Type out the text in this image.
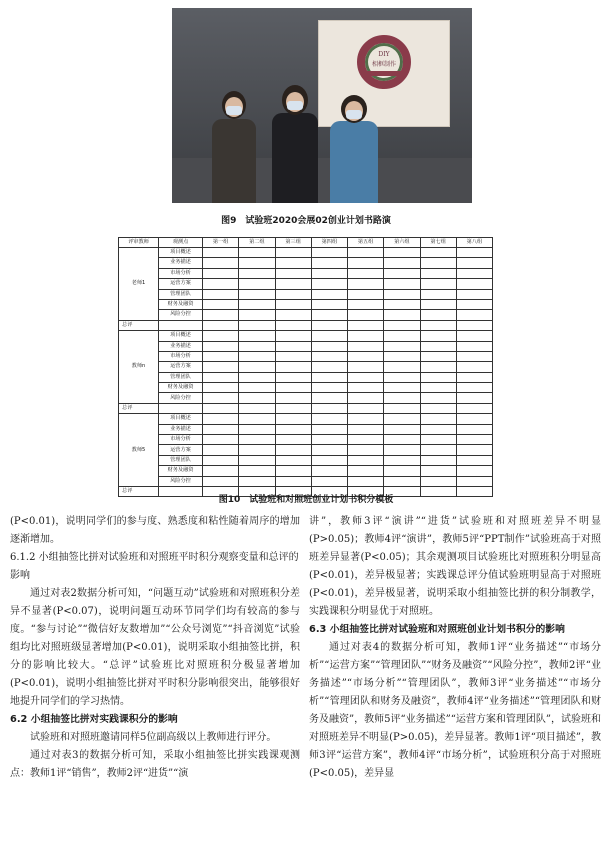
DIY
相框制作
图9　试验班2020会展02创业计划书路演
评审教师	观测点	第一组	第二组	第三组	第四组	第五组	第六组	第七组	第八组
老师1	项目概述								
	业务描述								
	市场分析								
	运营方案								
	管理团队								
	财务及融资								
	风险分控								
总评									
教师n	项目概述								
	业务描述								
	市场分析								
	运营方案								
	管理团队								
	财务及融资								
	风险分控								
总评									
教师5	项目概述								
	业务描述								
	市场分析								
	运营方案								
	管理团队								
	财务及融资								
	风险分控								
总评									
图10　试验班和对照班创业计划书积分模板

(P<0.01)，说明同学们的参与度、熟悉度和粘性随着周序的增加逐渐增加。

6.1.2 小组抽签比拼对试验班和对照班平时积分观察变量和总评的影响

通过对表2数据分析可知，“问题互动”试验班和对照班积分差异不显著(P<0.07)，说明问题互动环节同学们均有较高的参与度。“参与讨论”“微信好友数增加”“公众号浏览”“抖音浏览”试验组均比对照班级显著增加(P<0.01)，说明采取小组抽签比拼，积分的影响比较大。“总评”试验班比对照班积分极显著增加(P<0.01)，说明小组抽签比拼对平时积分影响很突出，能够很好地提升同学们的学习热情。

6.2 小组抽签比拼对实践课积分的影响

试验班和对照班邀请同样5位副高级以上教师进行评分。

通过对表3的数据分析可知，采取小组抽签比拼实践课观测点：教师1评“销售”，教师2评“进货”“演

讲”，教师3评“演讲”“进货”试验班和对照班差异不明显(P>0.05)；教师4评“演讲”，教师5评“PPT制作”试验班高于对照班差异显著(P<0.05)；其余观测项目试验班比对照班积分明显高(P<0.01)，差异极显著；实践课总评分值试验班明显高于对照班(P<0.01)，差异极显著，说明采取小组抽签比拼的积分制教学，实践课积分明显优于对照班。

6.3 小组抽签比拼对试验班和对照班创业计划书积分的影响

通过对表4的数据分析可知，教师1评“业务描述”“市场分析”“运营方案”“管理团队”“财务及融资”“风险分控”，教师2评“业务描述”“市场分析”“管理团队”，教师3评“业务描述”“市场分析”“管理团队和财务及融资”，教师4评“业务描述”“管理团队和财务及融资”，教师5评“业务描述”“运营方案和管理团队”，试验班和对照班差异不明显(P>0.05)，差异显著。教师1评“项目描述”，教师3评“运营方案”，教师4评“市场分析”，试验班积分高于对照班(P<0.05)，差异显
